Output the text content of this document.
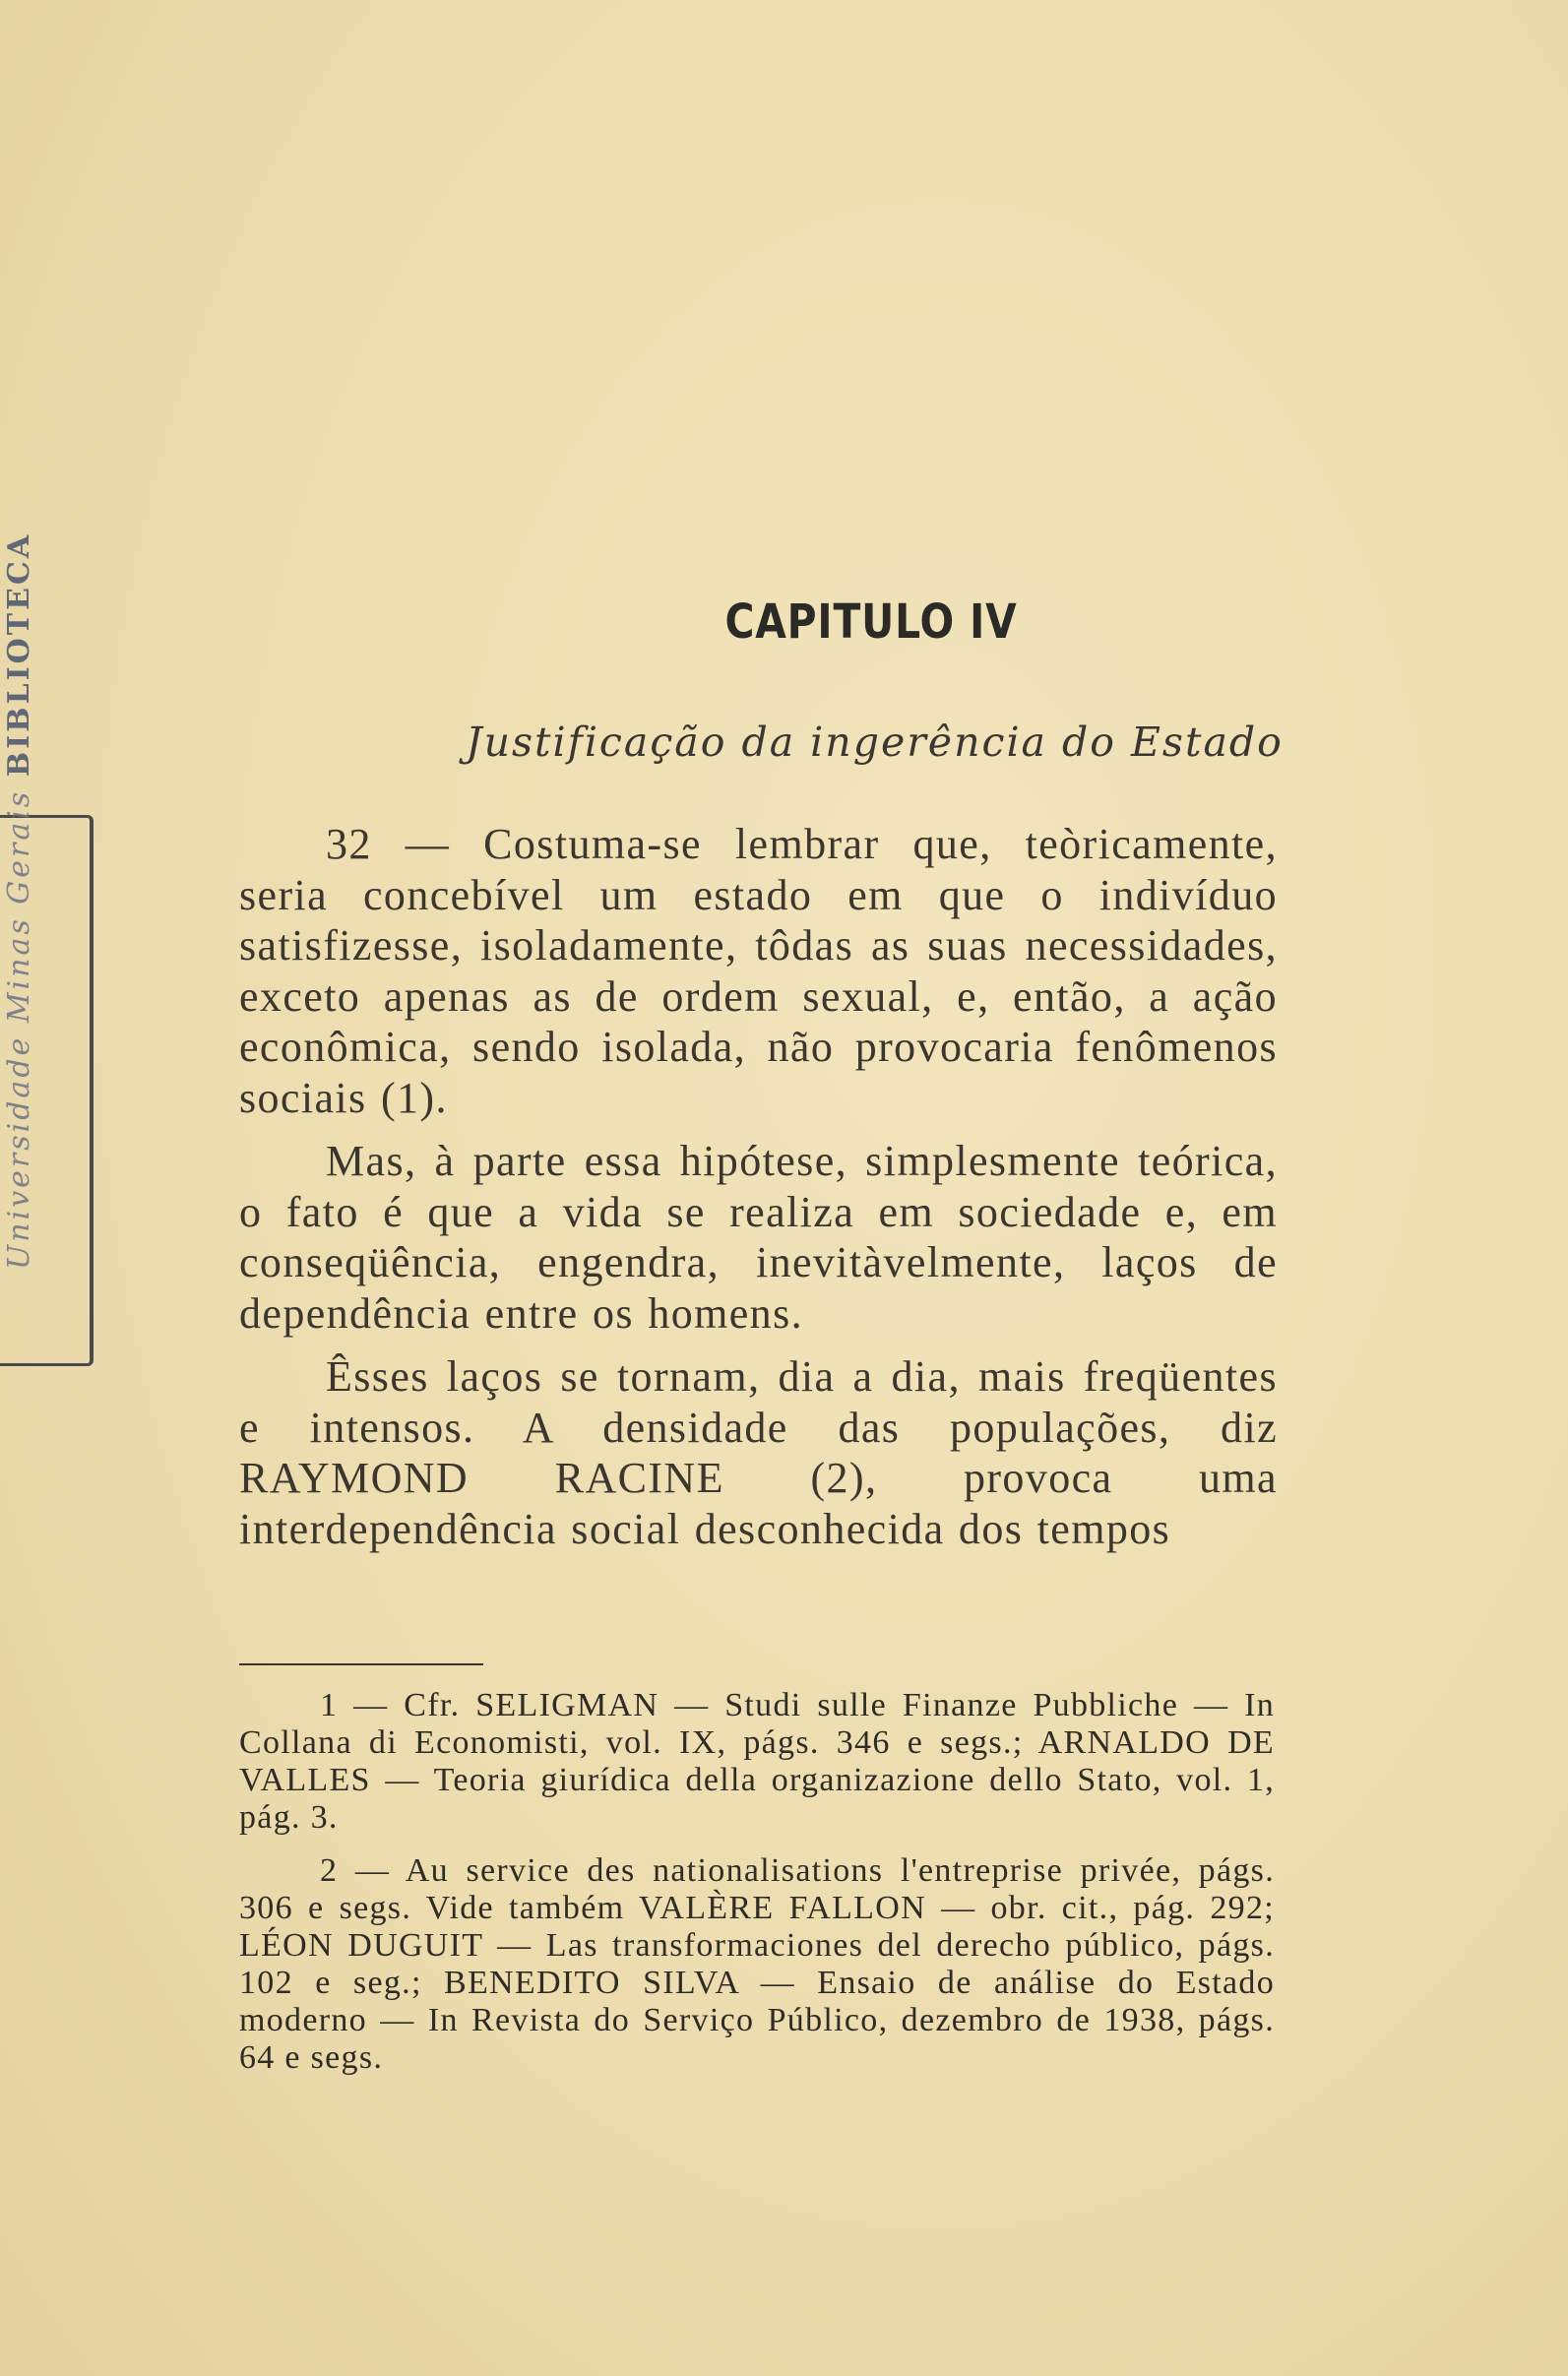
Universidade Minas Gerais BIBLIOTECA	CAPITULO IV
Justificação da ingerência do Estado

32 — Costuma-se lembrar que, teòricamente, seria concebível um estado em que o indivíduo satisfizesse, isoladamente, tôdas as suas necessidades, exceto apenas as de ordem sexual, e, então, a ação econômica, sendo isolada, não provocaria fenômenos sociais (1).

Mas, à parte essa hipótese, simplesmente teórica, o fato é que a vida se realiza em sociedade e, em conseqüência, engendra, inevitàvelmente, laços de dependência entre os homens.

Êsses laços se tornam, dia a dia, mais freqüentes e intensos. A densidade das populações, diz RAYMOND RACINE (2), provoca uma interdependência social desconhecida dos tempos

1 — Cfr. SELIGMAN — Studi sulle Finanze Pubbliche — In Collana di Economisti, vol. IX, págs. 346 e segs.; ARNALDO DE VALLES — Teoria giurídica della organizazione dello Stato, vol. 1, pág. 3.

2 — Au service des nationalisations l'entreprise privée, págs. 306 e segs. Vide também VALÈRE FALLON — obr. cit., pág. 292; LÉON DUGUIT — Las transformaciones del derecho público, págs. 102 e seg.; BENEDITO SILVA — Ensaio de análise do Estado moderno — In Revista do Serviço Público, dezembro de 1938, págs. 64 e segs.
